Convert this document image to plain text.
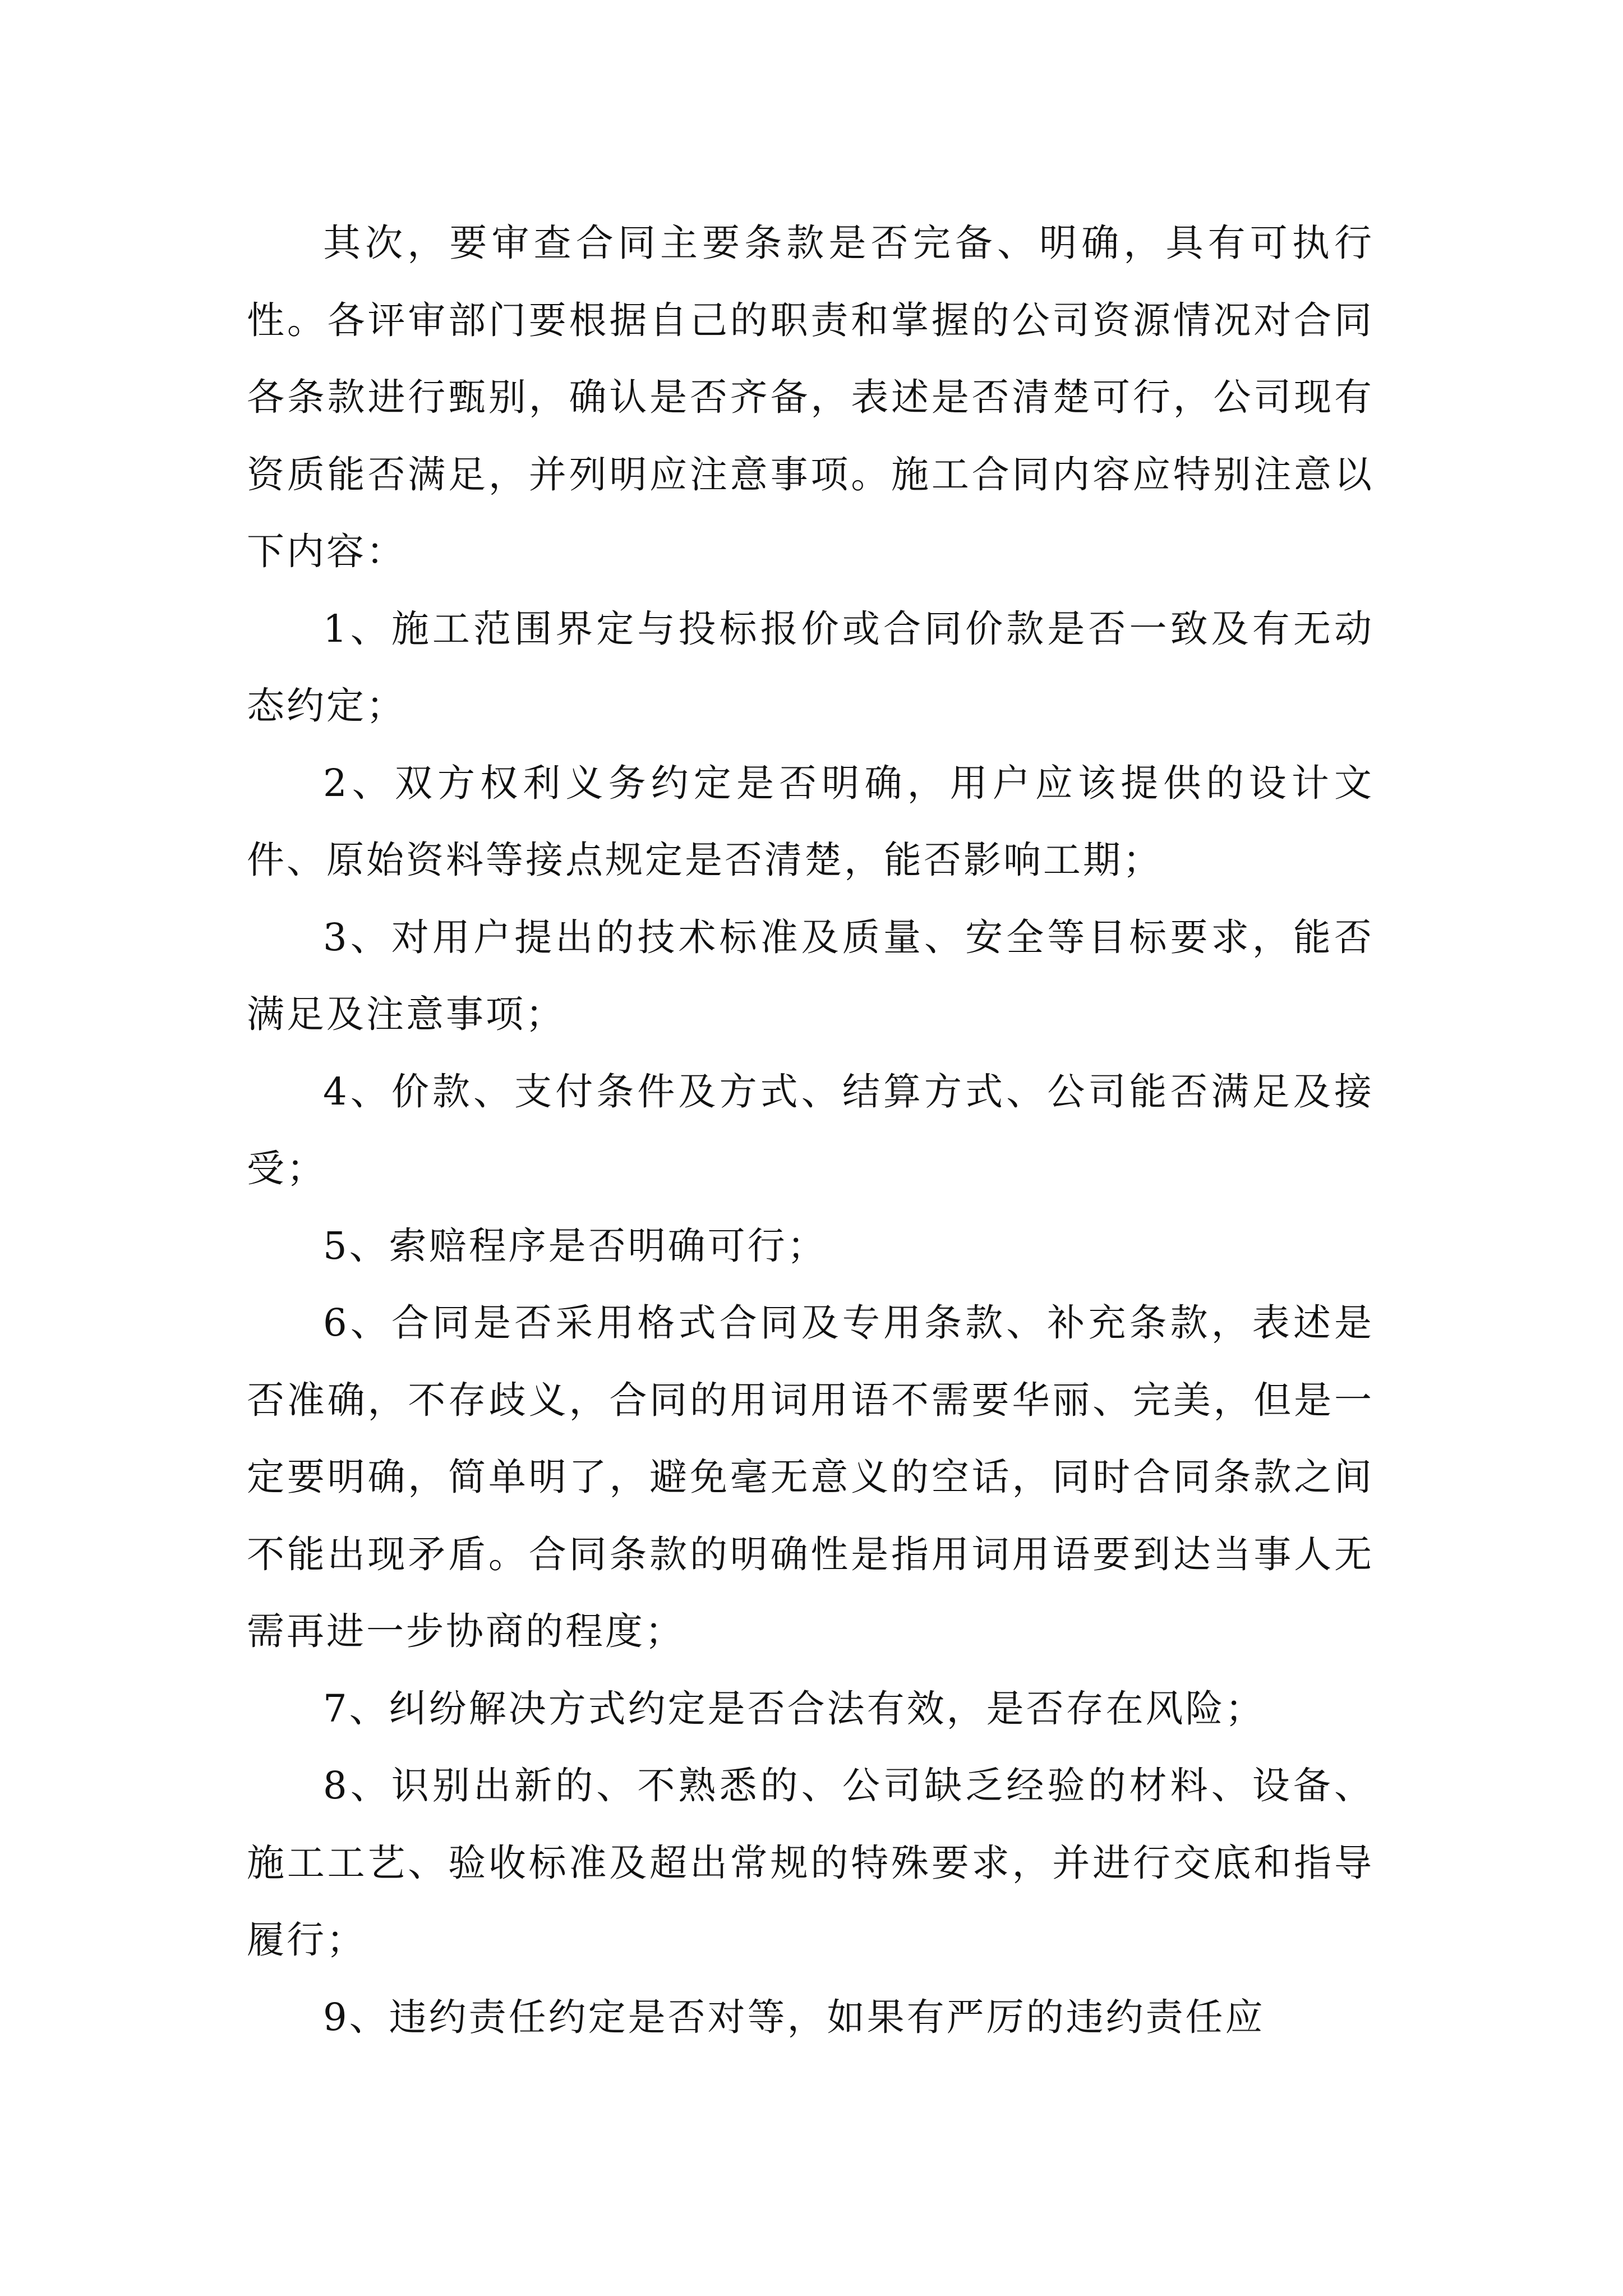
其次，要审查合同主要条款是否完备、明确，具有可执行性。各评审部门要根据自己的职责和掌握的公司资源情况对合同各条款进行甄别，确认是否齐备，表述是否清楚可行，公司现有资质能否满足，并列明应注意事项。施工合同内容应特别注意以下内容：

1、施工范围界定与投标报价或合同价款是否一致及有无动态约定；

2、双方权利义务约定是否明确，用户应该提供的设计文件、原始资料等接点规定是否清楚，能否影响工期；

3、对用户提出的技术标准及质量、安全等目标要求，能否满足及注意事项；

4、价款、支付条件及方式、结算方式、公司能否满足及接受；

5、索赔程序是否明确可行；

6、合同是否采用格式合同及专用条款、补充条款，表述是否准确，不存歧义，合同的用词用语不需要华丽、完美，但是一定要明确，简单明了，避免毫无意义的空话，同时合同条款之间不能出现矛盾。合同条款的明确性是指用词用语要到达当事人无需再进一步协商的程度；

7、纠纷解决方式约定是否合法有效，是否存在风险；

8、识别出新的、不熟悉的、公司缺乏经验的材料、设备、施工工艺、验收标准及超出常规的特殊要求，并进行交底和指导履行；

9、违约责任约定是否对等，如果有严厉的违约责任应
